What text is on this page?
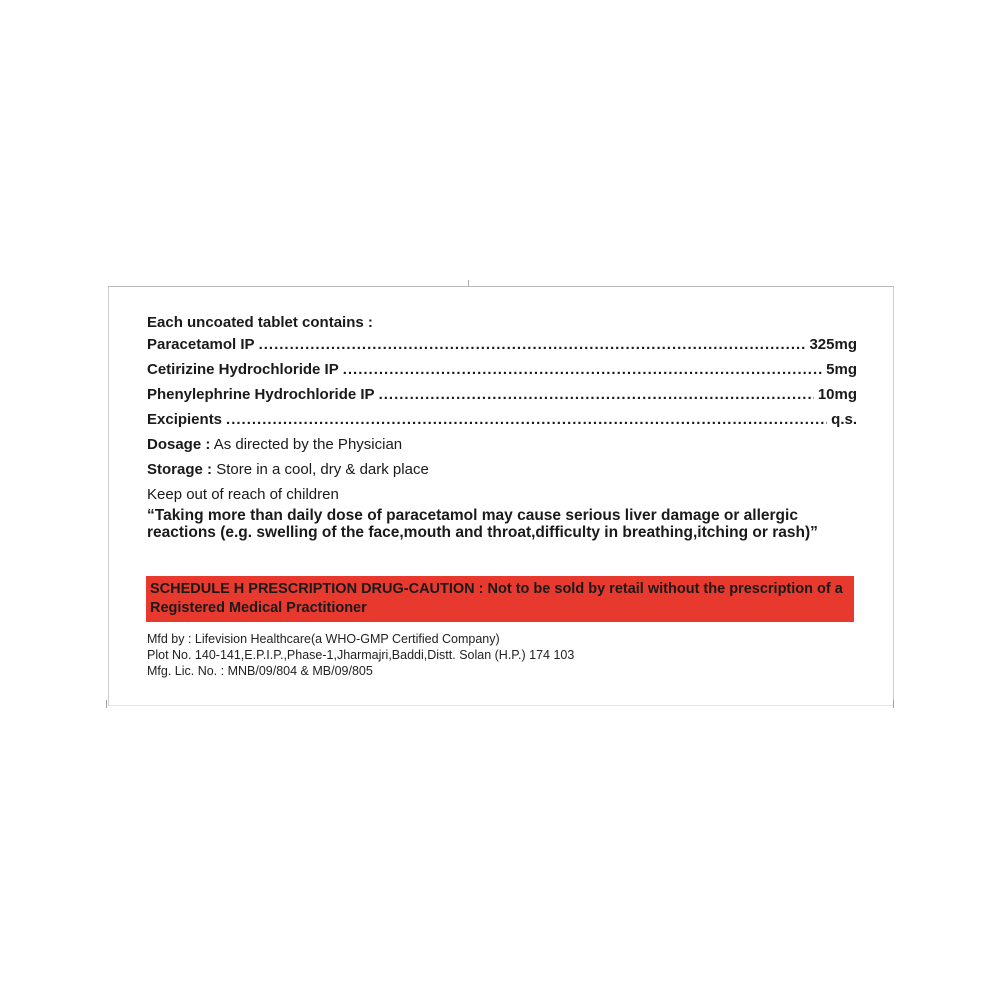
Each uncoated tablet contains :
Paracetamol IP .....	325mg
Cetirizine Hydrochloride IP .....	5mg
Phenylephrine Hydrochloride IP .....	10mg
Excipients .....	q.s.
Dosage : As directed by the Physician
Storage : Store in a cool, dry & dark place
Keep out of reach of children
“Taking more than daily dose of paracetamol may cause serious liver damage or allergic reactions (e.g. swelling of the face,mouth and throat,difficulty in breathing,itching or rash)”
SCHEDULE H PRESCRIPTION DRUG-CAUTION : Not to be sold by retail without the prescription of a Registered Medical Practitioner
Mfd by : Lifevision Healthcare(a WHO-GMP Certified Company)
Plot No. 140-141,E.P.I.P.,Phase-1,Jharmajri,Baddi,Distt. Solan (H.P.) 174 103
Mfg. Lic. No. : MNB/09/804 & MB/09/805
